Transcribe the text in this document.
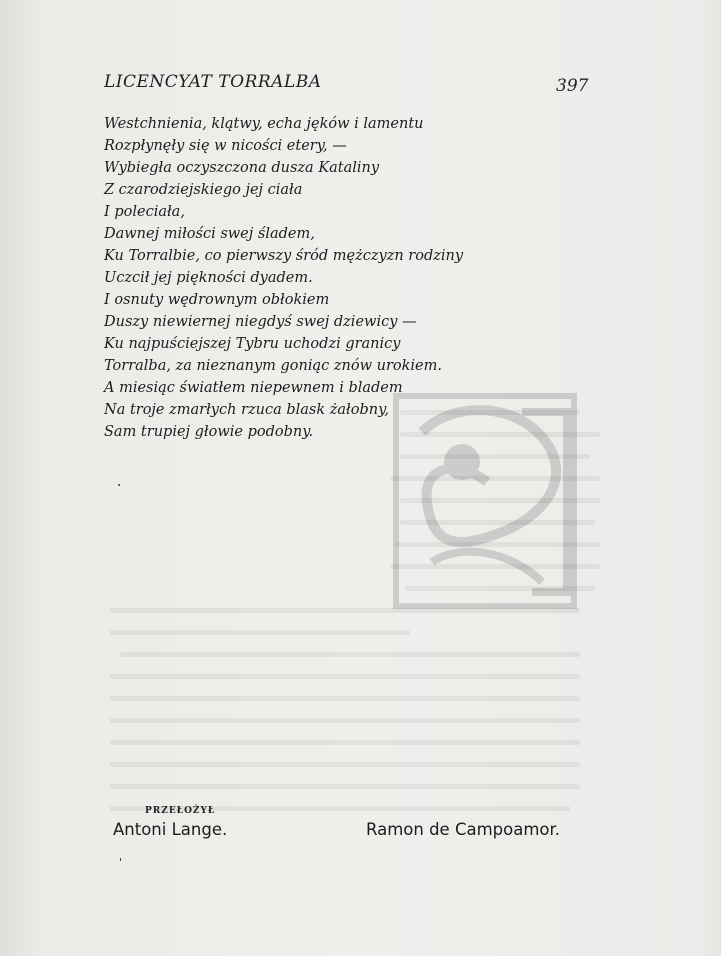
LICENCYAT TORRALBA	397
Westchnienia, klątwy, echa jęków i lamentu
Rozpłynęły się w nicości etery, —
Wybiegła oczyszczona dusza Kataliny
Z czarodziejskiego jej ciała
I poleciała,
Dawnej miłości swej śladem,
Ku Torralbie, co pierwszy śród mężczyzn rodziny
Uczcił jej piękności dyadem.
I osnuty wędrownym obłokiem
Duszy niewiernej niegdyś swej dziewicy —
Ku najpuściejszej Tybru uchodzi granicy
Torralba, za nieznanym goniąc znów urokiem.
A miesiąc światłem niepewnem i bladem
Na troje zmarłych rzuca blask żałobny,
Sam trupiej głowie podobny.
PRZEŁOŻYŁ
Antoni Lange.	Ramon de Campoamor.
